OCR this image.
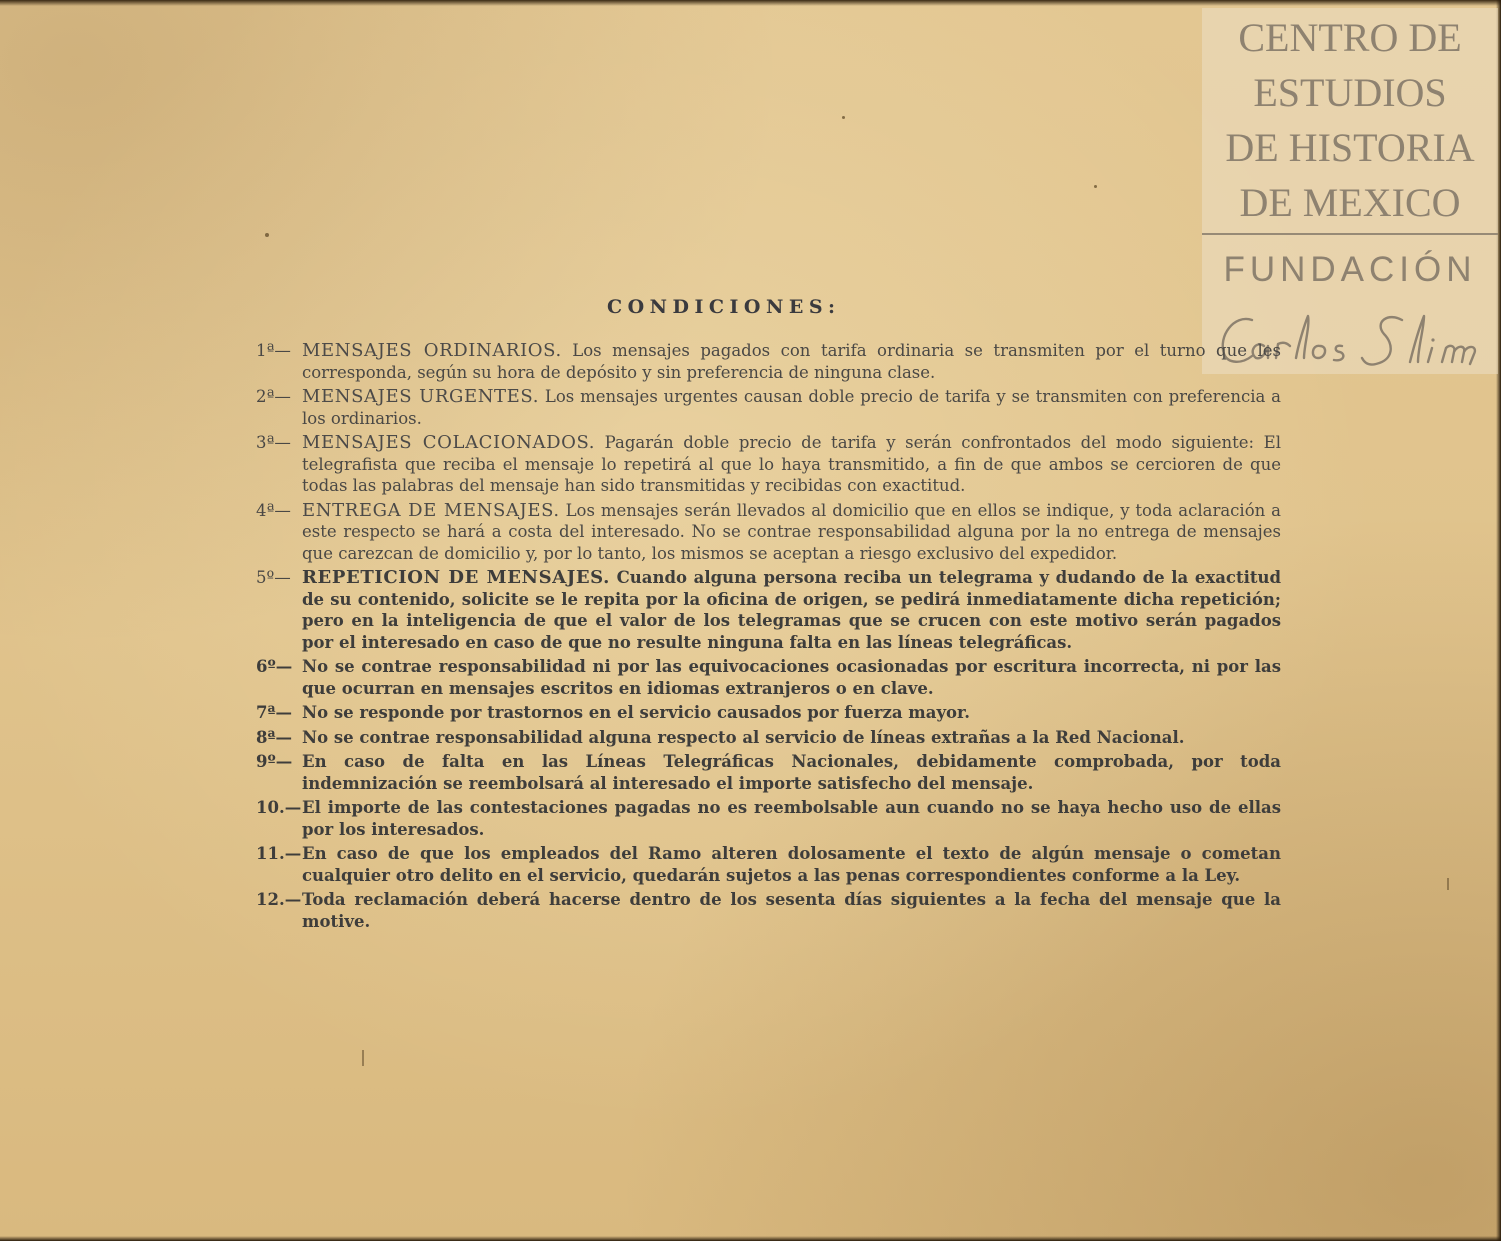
CENTRO DE
ESTUDIOS
DE HISTORIA
DE MEXICO
FUNDACIÓN
CONDICIONES:
1ª— MENSAJES ORDINARIOS. Los mensajes pagados con tarifa ordinaria se transmiten por el turno que les corresponda, según su hora de depósito y sin preferencia de ninguna clase.
2ª— MENSAJES URGENTES. Los mensajes urgentes causan doble precio de tarifa y se transmiten con preferencia a los ordinarios.
3ª— MENSAJES COLACIONADOS. Pagarán doble precio de tarifa y serán confrontados del modo siguiente: El telegrafista que reciba el mensaje lo repetirá al que lo haya transmitido, a fin de que ambos se cercioren de que todas las palabras del mensaje han sido transmitidas y recibidas con exactitud.
4ª— ENTREGA DE MENSAJES. Los mensajes serán llevados al domicilio que en ellos se indique, y toda aclaración a este respecto se hará a costa del interesado. No se contrae responsabilidad alguna por la no entrega de mensajes que carezcan de domicilio y, por lo tanto, los mismos se aceptan a riesgo exclusivo del expedidor.
5º— REPETICION DE MENSAJES. Cuando alguna persona reciba un telegrama y dudando de la exactitud de su contenido, solicite se le repita por la oficina de origen, se pedirá inmediatamente dicha repetición; pero en la inteligencia de que el valor de los telegramas que se crucen con este motivo serán pagados por el interesado en caso de que no resulte ninguna falta en las líneas telegráficas.
6º— No se contrae responsabilidad ni por las equivocaciones ocasionadas por escritura incorrecta, ni por las que ocurran en mensajes escritos en idiomas extranjeros o en clave.
7ª— No se responde por trastornos en el servicio causados por fuerza mayor.
8ª— No se contrae responsabilidad alguna respecto al servicio de líneas extrañas a la Red Nacional.
9º— En caso de falta en las Líneas Telegráficas Nacionales, debidamente comprobada, por toda indemnización se reembolsará al interesado el importe satisfecho del mensaje.
10.— El importe de las contestaciones pagadas no es reembolsable aun cuando no se haya hecho uso de ellas por los interesados.
11.— En caso de que los empleados del Ramo alteren dolosamente el texto de algún mensaje o cometan cualquier otro delito en el servicio, quedarán sujetos a las penas correspondientes conforme a la Ley.
12.— Toda reclamación deberá hacerse dentro de los sesenta días siguientes a la fecha del mensaje que la motive.
